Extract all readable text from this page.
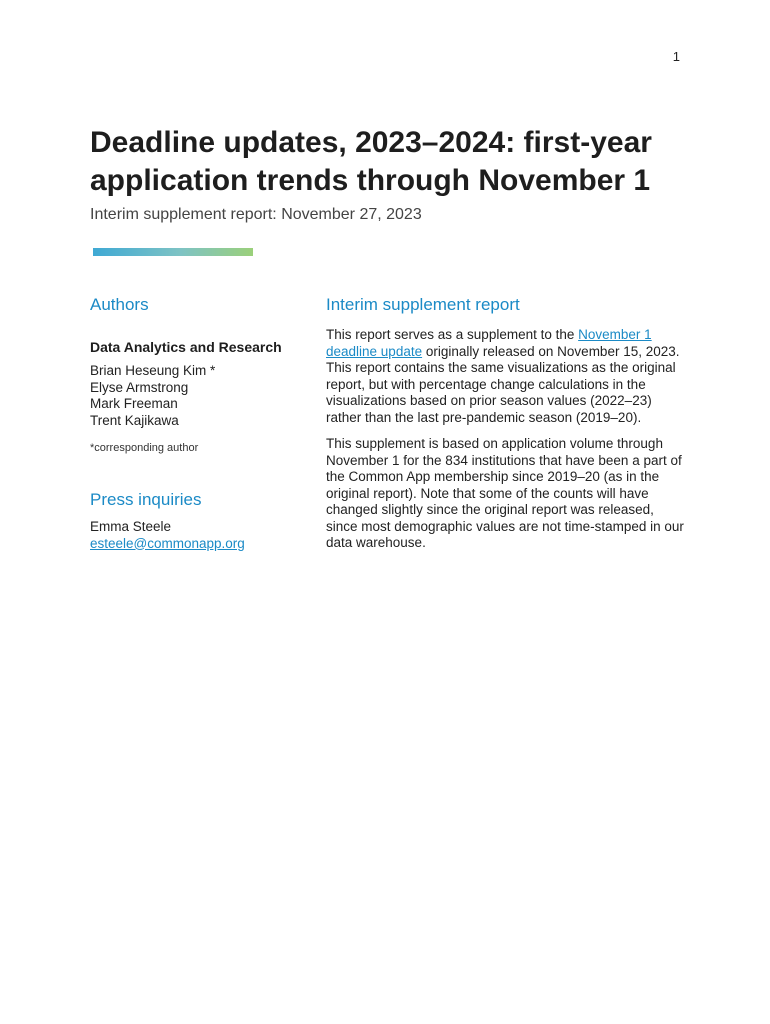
1
Deadline updates, 2023–2024: first-year
application trends through November 1

Interim supplement report: November 27, 2023

Authors

Data Analytics and Research

Brian Heseung Kim *
Elyse Armstrong
Mark Freeman
Trent Kajikawa

*corresponding author

Press inquiries

Emma Steele

esteele@commonapp.org
Interim supplement report

This report serves as a supplement to the November 1 deadline update originally released on November 15, 2023. This report contains the same visualizations as the original report, but with percentage change calculations in the visualizations based on prior season values (2022–23) rather than the last pre-pandemic season (2019–20).

This supplement is based on application volume through November 1 for the 834 institutions that have been a part of the Common App membership since 2019–20 (as in the original report). Note that some of the counts will have changed slightly since the original report was released, since most demographic values are not time-stamped in our data warehouse.
